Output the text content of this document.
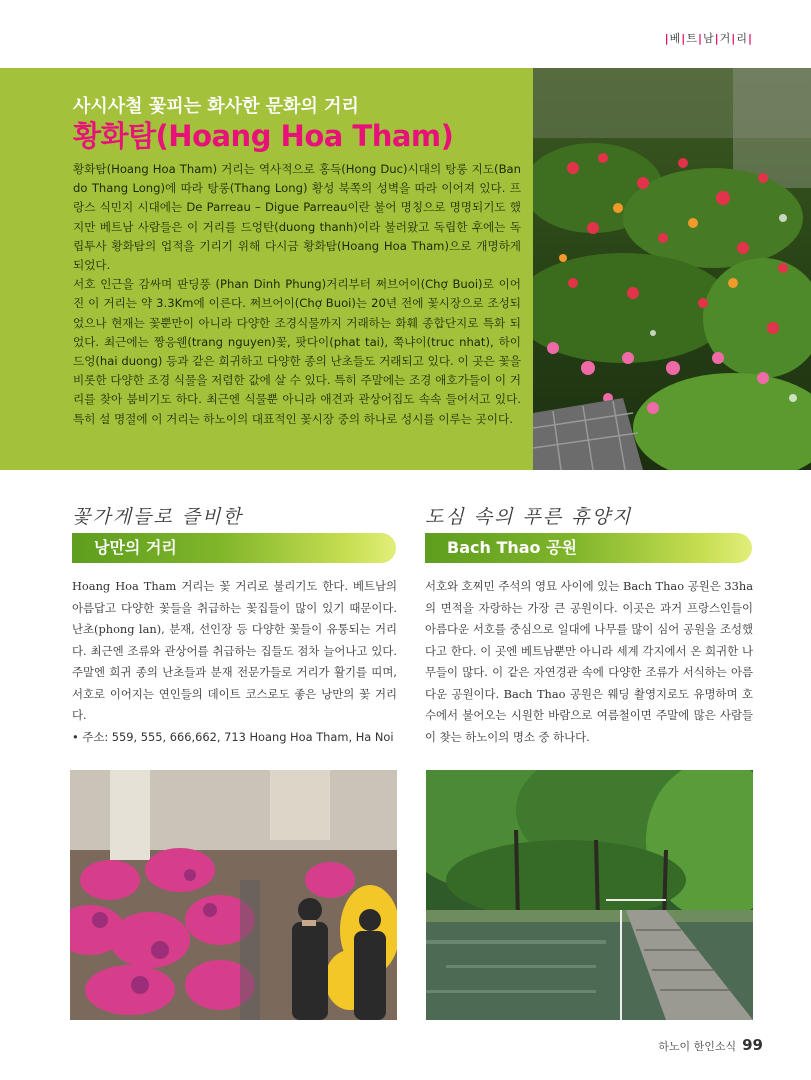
|베|트|남|거|리|
사시사철 꽃피는 화사한 문화의 거리
황화탐(Hoang Hoa Tham)

황화탐(Hoang Hoa Tham) 거리는 역사적으로 홍득(Hong Duc)시대의 탕롱 지도(Ban do Thang Long)에 따라 탕롱(Thang Long) 황성 북쪽의 성벽을 따라 이어져 있다. 프랑스 식민지 시대에는 De Parreau – Digue Parreau이란 불어 명칭으로 명명되기도 했지만 베트남 사람들은 이 거리를 드엉탄(duong thanh)이라 불러왔고 독립한 후에는 독립투사 황화탐의 업적을 기리기 위해 다시금 황화탐(Hoang Hoa Tham)으로 개명하게 되었다.

서호 인근을 감싸며 판딩풍 (Phan Dinh Phung)거리부터 쩌브어이(Chợ Buoi)로 이어진 이 거리는 약 3.3Km에 이른다. 쩌브어이(Chợ Buoi)는 20년 전에 꽃시장으로 조성되었으나 현재는 꽃뿐만이 아니라 다양한 조경식물까지 거래하는 화훼 종합단지로 특화 되었다. 최근에는 짱응웬(trang nguyen)꽃, 팟다이(phat tai), 쭉냐이(truc nhat), 하이드엉(hai duong) 등과 같은 희귀하고 다양한 종의 난초들도 거래되고 있다. 이 곳은 꽃을 비롯한 다양한 조경 식물을 저렴한 값에 살 수 있다. 특히 주말에는 조경 애호가들이 이 거리를 찾아 붐비기도 하다. 최근엔 식물뿐 아니라 애견과 관상어집도 속속 들어서고 있다. 특히 설 명절에 이 거리는 하노이의 대표적인 꽃시장 중의 하나로 성시를 이루는 곳이다.

꽃가게들로 즐비한
낭만의 거리

Hoang Hoa Tham 거리는 꽃 거리로 불리기도 한다. 베트남의 아름답고 다양한 꽃들을 취급하는 꽃집들이 많이 있기 때문이다. 난초(phong lan), 분재, 선인장 등 다양한 꽃들이 유통되는 거리다. 최근엔 조류와 관상어를 취급하는 집들도 점차 늘어나고 있다. 주말엔 희귀 종의 난초들과 분재 전문가들로 거리가 활기를 띠며, 서호로 이어지는 연인들의 데이트 코스로도 좋은 낭만의 꽃 거리다.

• 주소: 559, 555, 666,662, 713 Hoang Hoa Tham, Ha Noi

도심 속의 푸른 휴양지
Bach Thao 공원

서호와 호찌민 주석의 영묘 사이에 있는 Bach Thao 공원은 33ha의 면적을 자랑하는 가장 큰 공원이다. 이곳은 과거 프랑스인들이 아름다운 서호를 중심으로 일대에 나무를 많이 심어 공원을 조성했다고 한다. 이 곳엔 베트남뿐만 아니라 세계 각지에서 온 희귀한 나무들이 많다. 이 같은 자연경관 속에 다양한 조류가 서식하는 아름다운 공원이다. Bach Thao 공원은 웨딩 촬영지로도 유명하며 호수에서 불어오는 시원한 바람으로 여름철이면 주말에 많은 사람들이 찾는 하노이의 명소 중 하나다.

하노이 한인소식 99
